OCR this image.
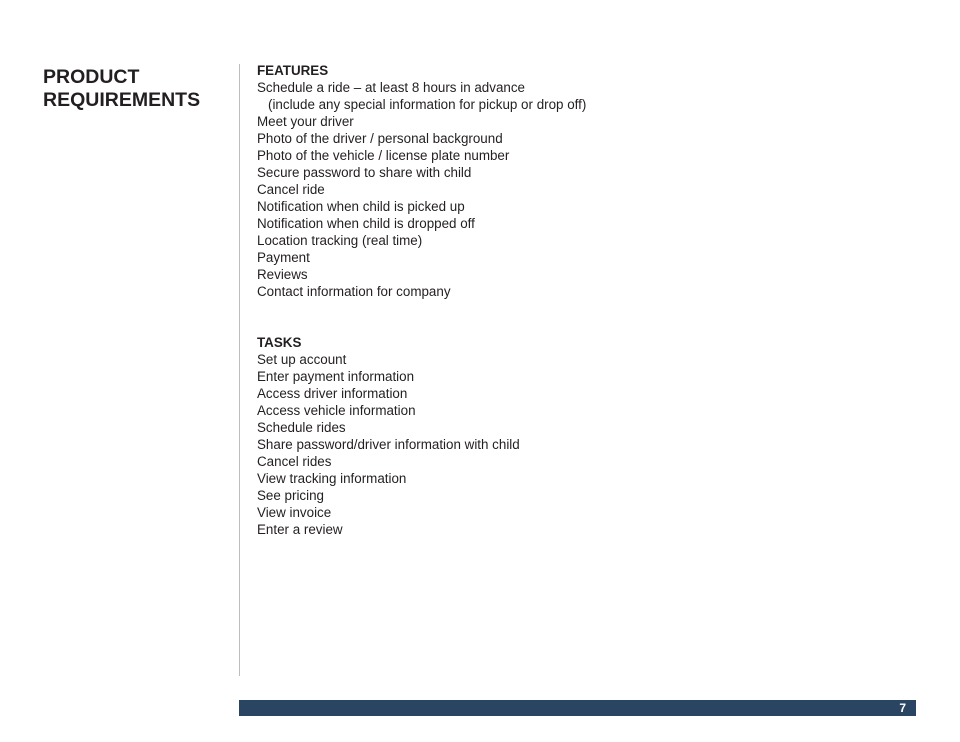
PRODUCT
REQUIREMENTS
FEATURES
Schedule a ride – at least 8 hours in advance
(include any special information for pickup or drop off)
Meet your driver
Photo of the driver / personal background
Photo of the vehicle / license plate number
Secure password to share with child
Cancel ride
Notification when child is picked up
Notification when child is dropped off
Location tracking (real time)
Payment
Reviews
Contact information for company
TASKS
Set up account
Enter payment information
Access driver information
Access vehicle information
Schedule rides
Share password/driver information with child
Cancel rides
View tracking information
See pricing
View invoice
Enter a review
7
